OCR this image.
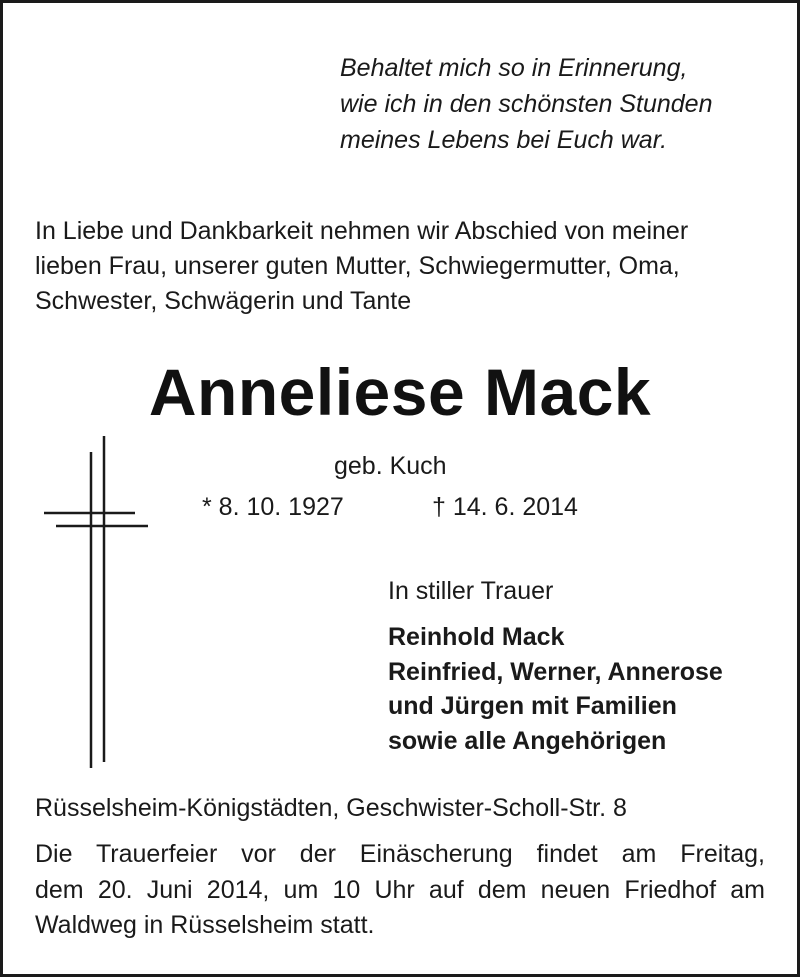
Behaltet mich so in Erinnerung,
wie ich in den schönsten Stunden
meines Lebens bei Euch war.
In Liebe und Dankbarkeit nehmen wir Abschied von meiner
lieben Frau, unserer guten Mutter, Schwiegermutter, Oma,
Schwester, Schwägerin und Tante
Anneliese Mack
geb. Kuch
* 8. 10. 1927	† 14. 6. 2014
In stiller Trauer
Reinhold Mack
Reinfried, Werner, Annerose
und Jürgen mit Familien
sowie alle Angehörigen
Rüsselsheim-Königstädten, Geschwister-Scholl-Str. 8
Die Trauerfeier vor der Einäscherung findet am Freitag,
dem 20. Juni 2014, um 10 Uhr auf dem neuen Friedhof am
Waldweg in Rüsselsheim statt.
